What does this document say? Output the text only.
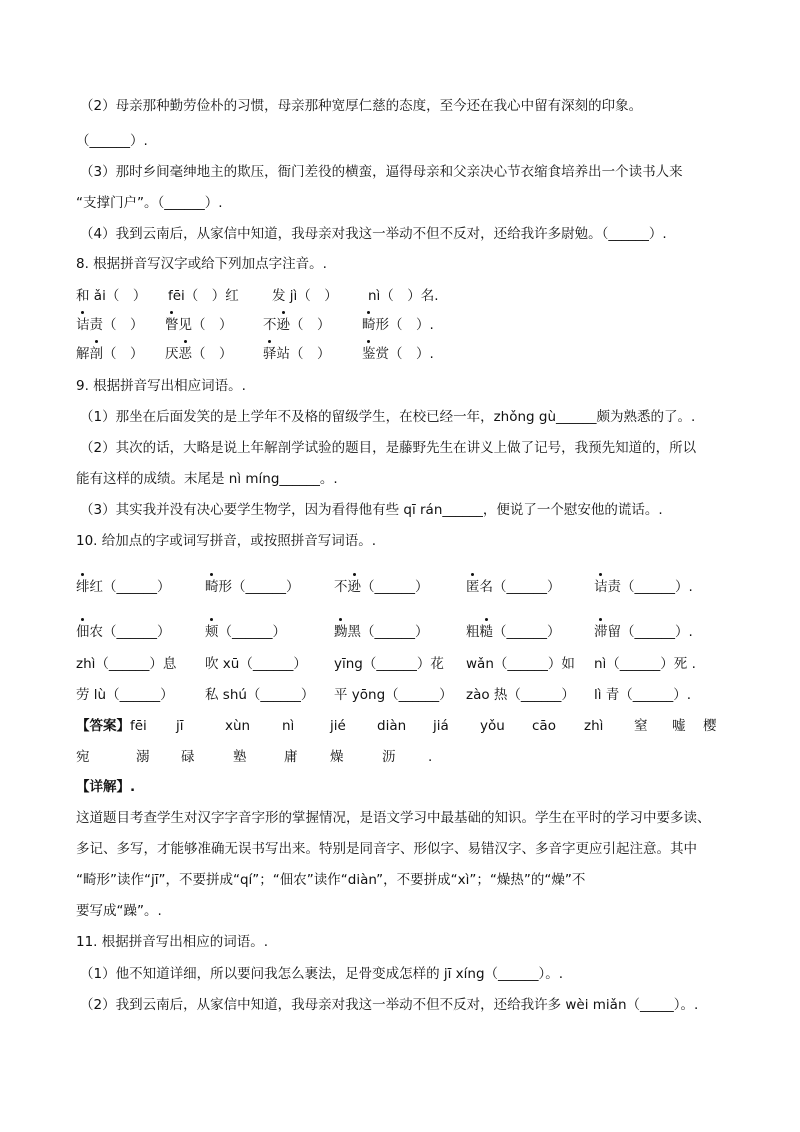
（2）母亲那种勤劳俭朴的习惯，母亲那种宽厚仁慈的态度，至今还在我心中留有深刻的印象。
（______）.
（3）那时乡间毫绅地主的欺压，衙门差役的横蛮，逼得母亲和父亲决心节衣缩食培养出一个读书人来
“支撑门户”。（______）.
（4）我到云南后，从家信中知道，我母亲对我这一举动不但不反对，还给我许多尉勉。（______）.
8. 根据拼音写汉字或给下列加点字注音。.
和 ǎi（　） fēi（　）红 发 jì（　） nì（　）名.
诘责（　） 瞥见（　） 不逊（　） 畸形（　）.
解剖（　） 厌恶（　） 驿站（　） 鉴赏（　）.
9. 根据拼音写出相应词语。.
（1）那坐在后面发笑的是上学年不及格的留级学生，在校已经一年，zhǒng gù______颇为熟悉的了。.
（2）其次的话，大略是说上年解剖学试验的题目，是藤野先生在讲义上做了记号，我预先知道的，所以
能有这样的成绩。末尾是 nì míng______。.
（3）其实我并没有决心要学生物学，因为看得他有些 qī rán______，便说了一个慰安他的谎话。.
10. 给加点的字或词写拼音，或按照拼音写词语。.
绯红（______）	畸形（______）	不逊（______）	匿名（______） 诘责（______）.
佃农（______）	颊（______）	黝黑（______）	粗糙（______） 滞留（______）.
zhì（______）息 吹 xū（______） yīng（______）花 wǎn（______）如 nì（______）死 .
劳 lù（______） 私 shú（______） 平 yōng（______） zào 热（______） lì 青（______）.
【答案】 fēi jī	xùn nì	jié diàn jiá yǒu cāo zhì 窒 嘘 樱
宛	溺 碌	塾	庸 燥	沥 .
【详解】.
这道题目考查学生对汉字字音字形的掌握情况，是语文学习中最基础的知识。学生在平时的学习中要多读、
多记、多写，才能够准确无误书写出来。特别是同音字、形似字、易错汉字、多音字更应引起注意。其中
“畸形”读作“jī”，不要拼成“qí”；“佃农”读作“diàn”，不要拼成“xì”；“燥热”的“燥”不
要写成“躁”。.
11. 根据拼音写出相应的词语。.
（1）他不知道详细，所以要问我怎么裹法，足骨变成怎样的 jī xíng（______）。.
（2）我到云南后，从家信中知道，我母亲对我这一举动不但不反对，还给我许多 wèi miǎn（_____）。.
